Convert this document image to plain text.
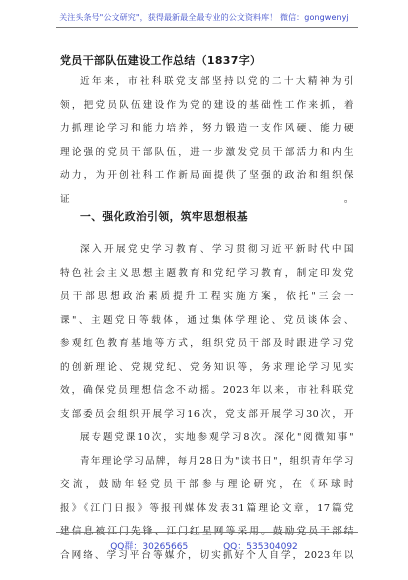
关注头条号"公文研究"，获得最新最全最专业的公文资料库！ 微信：gongwenyj
党员干部队伍建设工作总结（1837字）
近年来，市社科联党支部坚持以党的二十大精神为引
领，把党员队伍建设作为党的建设的基础性工作来抓，着
力抓理论学习和能力培养，努力锻造一支作风硬、能力硬
理论强的党员干部队伍，进一步激发党员干部活力和内生
动力，为开创社科工作新局面提供了坚强的政治和组织保
证。
一、强化政治引领，筑牢思想根基
深入开展党史学习教育、学习贯彻习近平新时代中国
特色社会主义思想主题教育和党纪学习教育，制定印发党
员干部思想政治素质提升工程实施方案，依托"三会一
课"、主题党日等载体，通过集体学理论、党员谈体会、
参观红色教育基地等方式，组织党员干部及时跟进学习党
的创新理论、党规党纪、党务知识等，务求理论学习见实
效，确保党员理想信念不动摇。2023年以来，市社科联党
支部委员会组织开展学习16次，党支部开展学习30次，开
展专题党课10次，实地参观学习8次。深化"阅微知事"
青年理论学习品牌，每月28日为"读书日"，组织青年学习
交流，鼓励年轻党员干部参与理论研究，在《环球时
报》《江门日报》等报刊媒体发表31篇理论文章，17篇党
建信息被江门先锋、江门红星网等采用。鼓励党员干部结
合网络、学习平台等媒介，切实抓好个人自学，2023年以
QQ群：30265665	QQ：535304092
